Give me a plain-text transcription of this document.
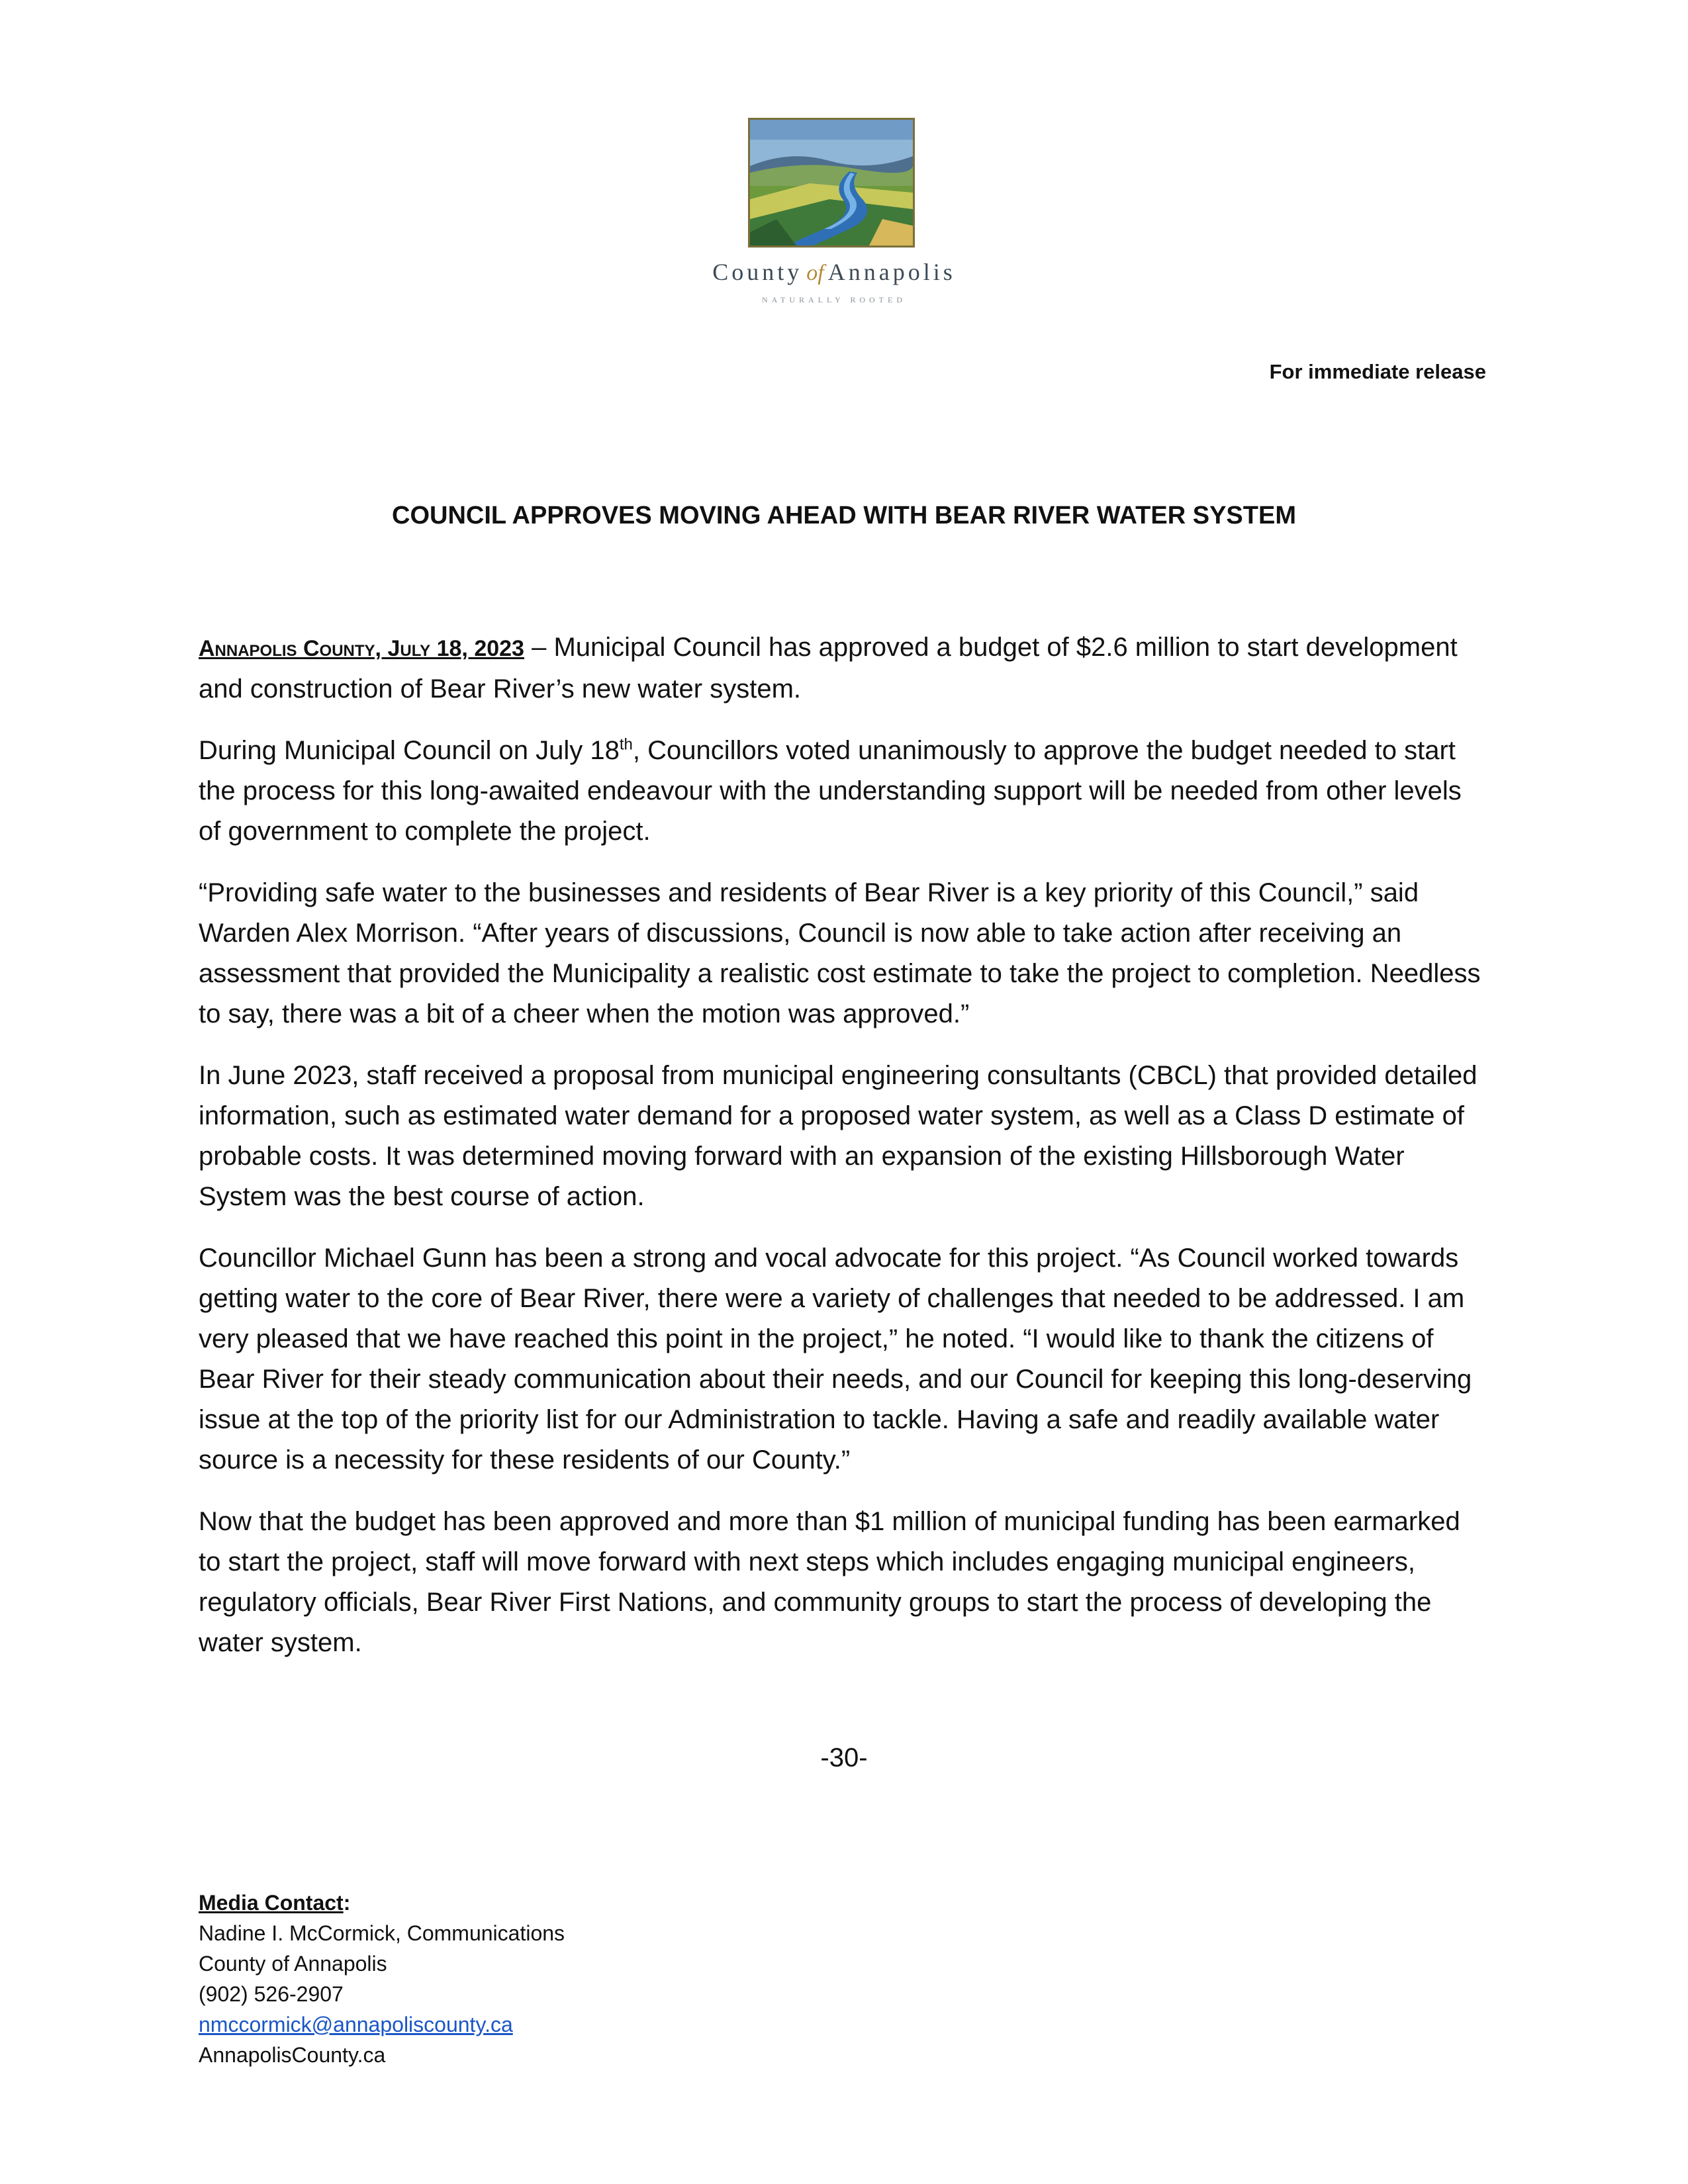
County of Annapolis
NATURALLY ROOTED
For immediate release
COUNCIL APPROVES MOVING AHEAD WITH BEAR RIVER WATER SYSTEM

Annapolis County, July 18, 2023 – Municipal Council has approved a budget of $2.6 million to start development and construction of Bear River’s new water system.

During Municipal Council on July 18th, Councillors voted unanimously to approve the budget needed to start the process for this long-awaited endeavour with the understanding support will be needed from other levels of government to complete the project.

“Providing safe water to the businesses and residents of Bear River is a key priority of this Council,” said Warden Alex Morrison. “After years of discussions, Council is now able to take action after receiving an assessment that provided the Municipality a realistic cost estimate to take the project to completion. Needless to say, there was a bit of a cheer when the motion was approved.”

In June 2023, staff received a proposal from municipal engineering consultants (CBCL) that provided detailed information, such as estimated water demand for a proposed water system, as well as a Class D estimate of probable costs. It was determined moving forward with an expansion of the existing Hillsborough Water System was the best course of action.

Councillor Michael Gunn has been a strong and vocal advocate for this project. “As Council worked towards getting water to the core of Bear River, there were a variety of challenges that needed to be addressed. I am very pleased that we have reached this point in the project,” he noted. “I would like to thank the citizens of Bear River for their steady communication about their needs, and our Council for keeping this long-deserving issue at the top of the priority list for our Administration to tackle. Having a safe and readily available water source is a necessity for these residents of our County.”

Now that the budget has been approved and more than $1 million of municipal funding has been earmarked to start the project, staff will move forward with next steps which includes engaging municipal engineers, regulatory officials, Bear River First Nations, and community groups to start the process of developing the water system.

-30-
Media Contact:
Nadine I. McCormick, Communications
County of Annapolis
(902) 526-2907
nmccormick@annapoliscounty.ca
AnnapolisCounty.ca
